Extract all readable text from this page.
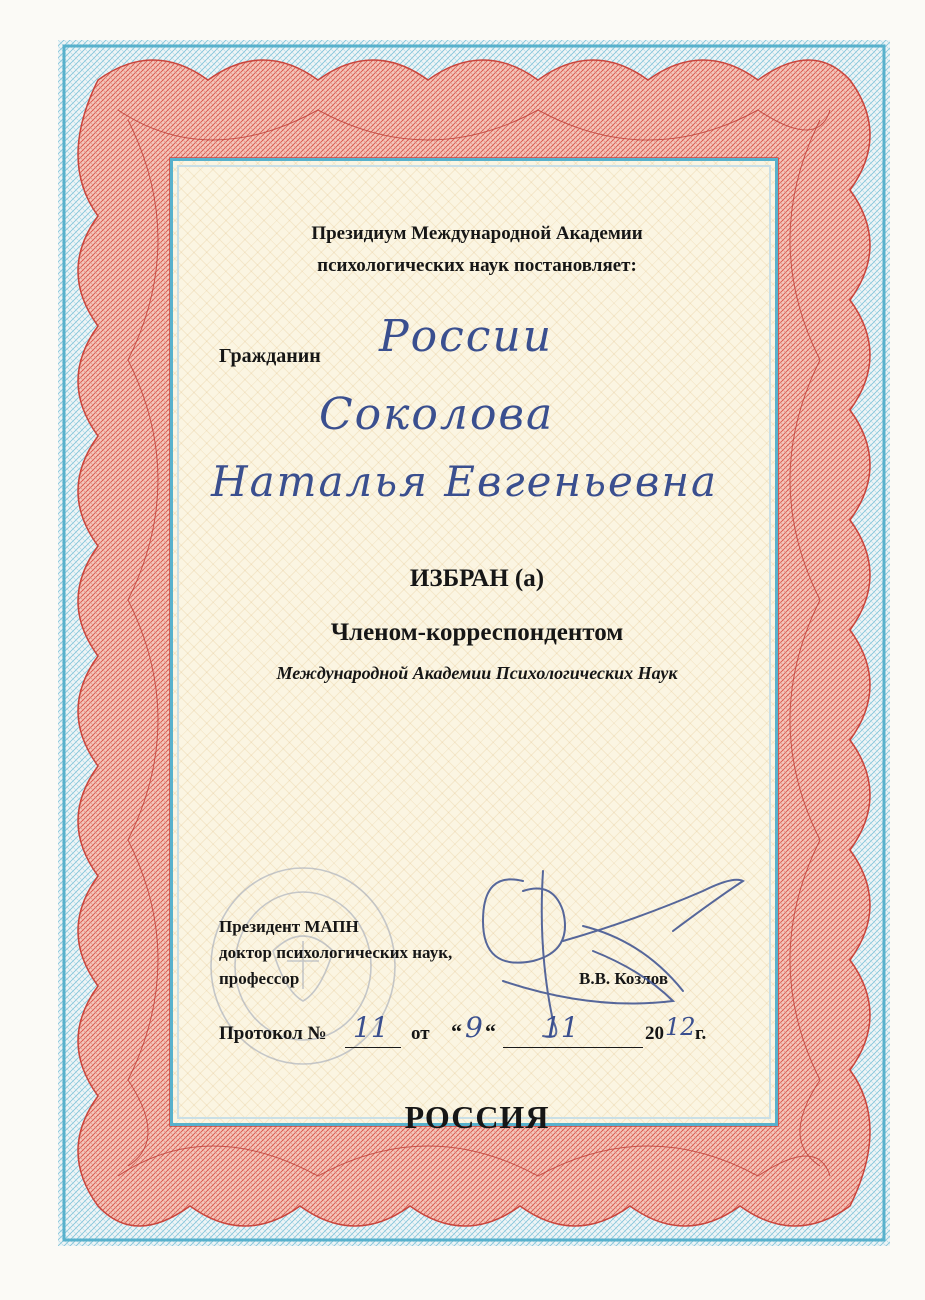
Президиум Международной Академии
психологических наук постановляет:
Гражданин России
Соколова
Наталья Евгеньевна
ИЗБРАН (а)
Членом-корреспондентом
Международной Академии Психологических Наук
Президент МАПН
доктор психологических наук,
профессор	В.В. Козлов
Протокол № 11 от “ 9 “ 11	20 12 г.
РОССИЯ
